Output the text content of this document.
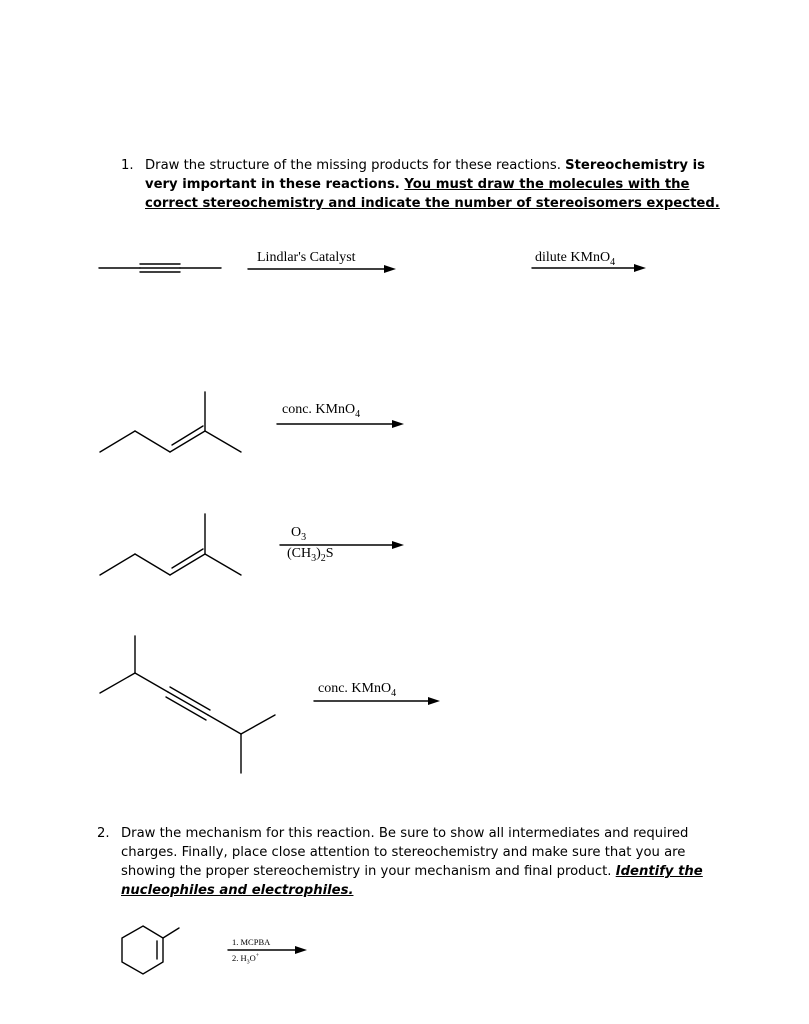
1. Draw the structure of the missing products for these reactions. Stereochemistry is
very important in these reactions. You must draw the molecules with the
correct stereochemistry and indicate the number of stereoisomers expected.
Lindlar's Catalyst	dilute KMnO$_4$
conc. KMnO$_4$
$O_3$
$(CH_3)_2S$
conc. KMnO$_4$
2. Draw the mechanism for this reaction. Be sure to show all intermediates and required
charges. Finally, place close attention to stereochemistry and make sure that you are
showing the proper stereochemistry in your mechanism and final product. Identify the
nucleophiles and electrophiles.
1. MCPBA
2. $H_3O^+$
